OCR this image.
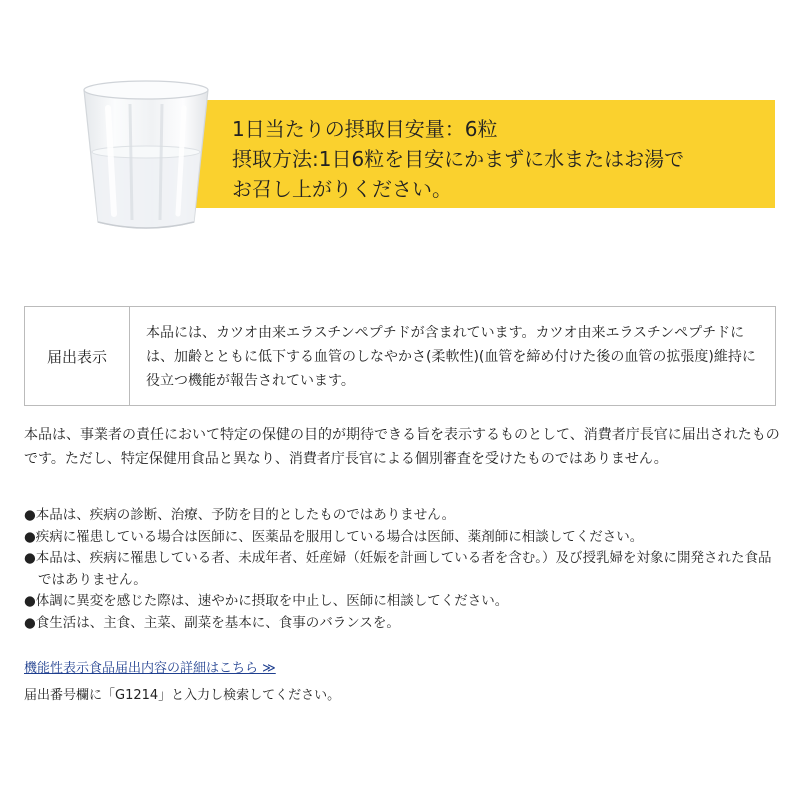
1日当たりの摂取目安量：6粒
摂取方法:1日6粒を目安にかまずに水またはお湯で
お召し上がりください。
届出表示
本品には、カツオ由来エラスチンペプチドが含まれています。カツオ由来エラスチンペプチドには、加齢とともに低下する血管のしなやかさ(柔軟性)(血管を締め付けた後の血管の拡張度)維持に役立つ機能が報告されています。

本品は、事業者の責任において特定の保健の目的が期待できる旨を表示するものとして、消費者庁長官に届出されたものです。ただし、特定保健用食品と異なり、消費者庁長官による個別審査を受けたものではありません。

●本品は、疾病の診断、治療、予防を目的としたものではありません。
●疾病に罹患している場合は医師に、医薬品を服用している場合は医師、薬剤師に相談してください。
●本品は、疾病に罹患している者、未成年者、妊産婦（妊娠を計画している者を含む。）及び授乳婦を対象に開発された食品ではありません。
●体調に異変を感じた際は、速やかに摂取を中止し、医師に相談してください。
●食生活は、主食、主菜、副菜を基本に、食事のバランスを。
機能性表示食品届出内容の詳細はこちら ≫

届出番号欄に「G1214」と入力し検索してください。
